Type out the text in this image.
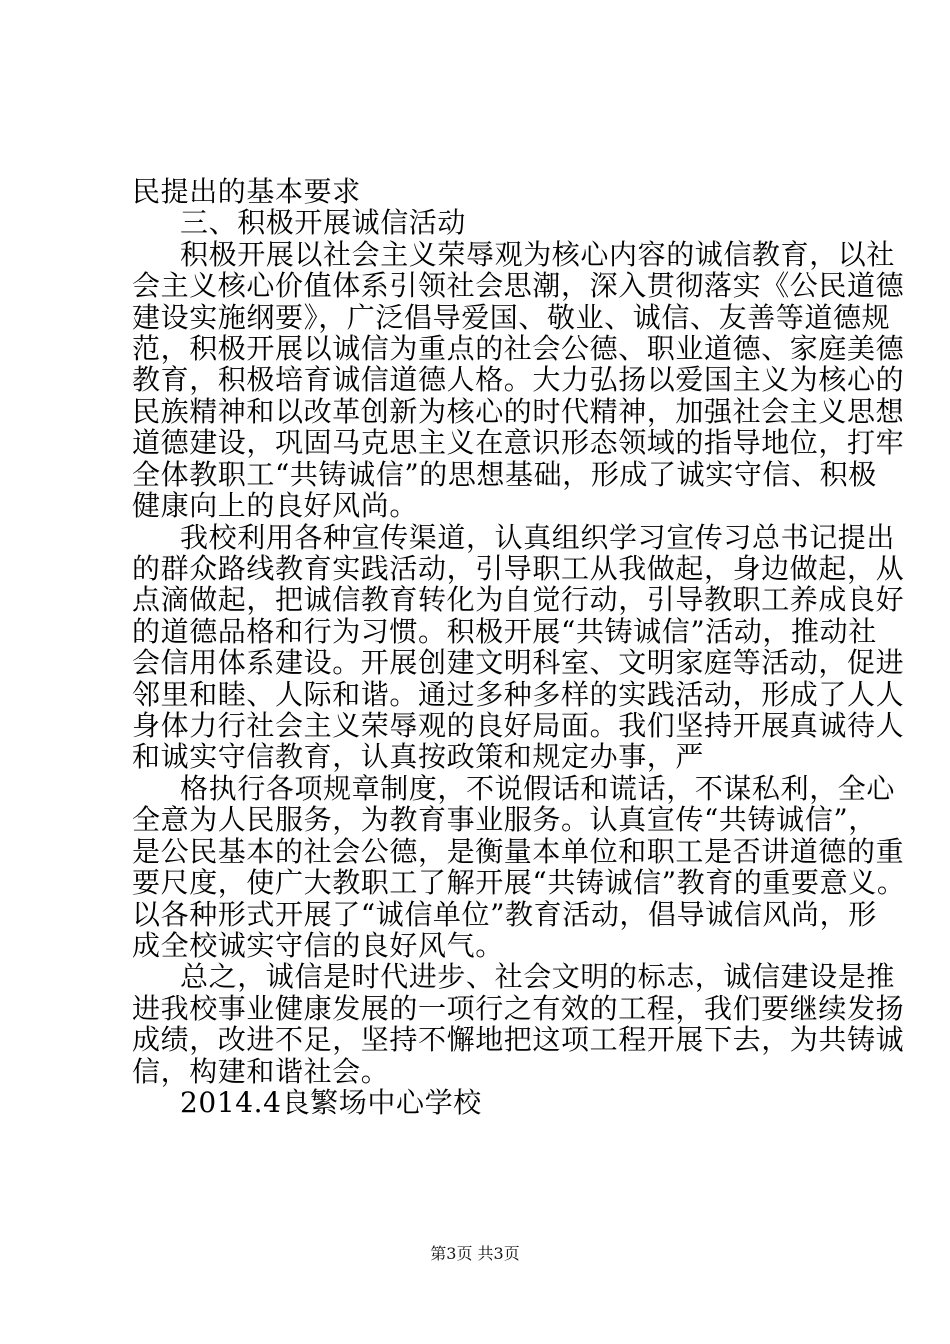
民提出的基本要求
三、积极开展诚信活动
积极开展以社会主义荣辱观为核心内容的诚信教育，以社
会主义核心价值体系引领社会思潮，深入贯彻落实《公民道德
建设实施纲要》，广泛倡导爱国、敬业、诚信、友善等道德规
范，积极开展以诚信为重点的社会公德、职业道德、家庭美德
教育，积极培育诚信道德人格。大力弘扬以爱国主义为核心的
民族精神和以改革创新为核心的时代精神，加强社会主义思想
道德建设，巩固马克思主义在意识形态领域的指导地位，打牢
全体教职工“共铸诚信”的思想基础，形成了诚实守信、积极
健康向上的良好风尚。
我校利用各种宣传渠道，认真组织学习宣传习总书记提出
的群众路线教育实践活动，引导职工从我做起，身边做起，从
点滴做起，把诚信教育转化为自觉行动，引导教职工养成良好
的道德品格和行为习惯。积极开展“共铸诚信”活动，推动社
会信用体系建设。开展创建文明科室、文明家庭等活动，促进
邻里和睦、人际和谐。通过多种多样的实践活动，形成了人人
身体力行社会主义荣辱观的良好局面。我们坚持开展真诚待人
和诚实守信教育，认真按政策和规定办事，严
格执行各项规章制度，不说假话和谎话，不谋私利，全心
全意为人民服务，为教育事业服务。认真宣传“共铸诚信”，
是公民基本的社会公德，是衡量本单位和职工是否讲道德的重
要尺度，使广大教职工了解开展“共铸诚信”教育的重要意义。
以各种形式开展了“诚信单位”教育活动，倡导诚信风尚，形
成全校诚实守信的良好风气。
总之，诚信是时代进步、社会文明的标志，诚信建设是推
进我校事业健康发展的一项行之有效的工程，我们要继续发扬
成绩，改进不足，坚持不懈地把这项工程开展下去，为共铸诚
信，构建和谐社会。
2014.4良繁场中心学校
第3页 共3页
